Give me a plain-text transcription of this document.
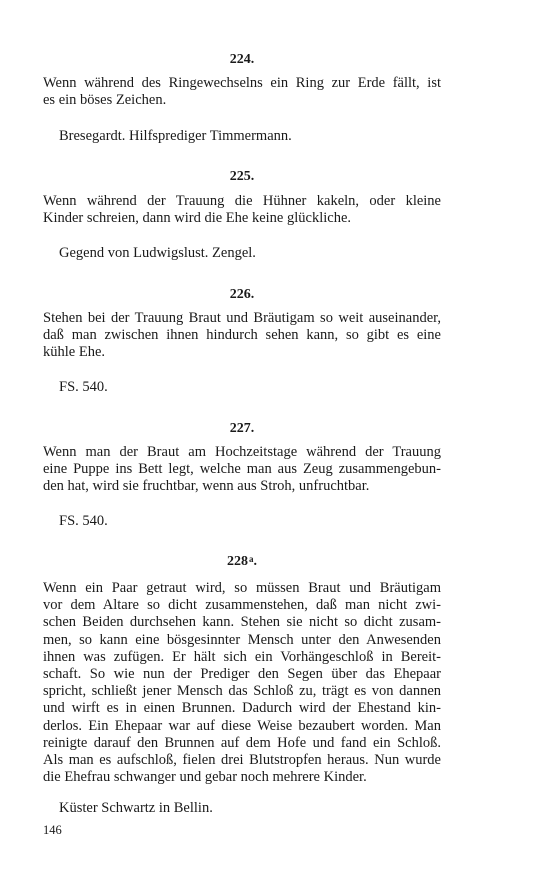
224.
Wenn während des Ringewechselns ein Ring zur Erde fällt, ist
es ein böses Zeichen.
Bresegardt. Hilfsprediger Timmermann.
225.
Wenn während der Trauung die Hühner kakeln, oder kleine
Kinder schreien, dann wird die Ehe keine glückliche.
Gegend von Ludwigslust. Zengel.
226.
Stehen bei der Trauung Braut und Bräutigam so weit auseinander,
daß man zwischen ihnen hindurch sehen kann, so gibt es eine
kühle Ehe.
FS. 540.
227.
Wenn man der Braut am Hochzeitstage während der Trauung
eine Puppe ins Bett legt, welche man aus Zeug zusammengebun-
den hat, wird sie fruchtbar, wenn aus Stroh, unfruchtbar.
FS. 540.
228$^a$.
Wenn ein Paar getraut wird, so müssen Braut und Bräutigam
vor dem Altare so dicht zusammenstehen, daß man nicht zwi-
schen Beiden durchsehen kann. Stehen sie nicht so dicht zusam-
men, so kann eine bösgesinnter Mensch unter den Anwesenden
ihnen was zufügen. Er hält sich ein Vorhängeschloß in Bereit-
schaft. So wie nun der Prediger den Segen über das Ehepaar
spricht, schließt jener Mensch das Schloß zu, trägt es von dannen
und wirft es in einen Brunnen. Dadurch wird der Ehestand kin-
derlos. Ein Ehepaar war auf diese Weise bezaubert worden. Man
reinigte darauf den Brunnen auf dem Hofe und fand ein Schloß.
Als man es aufschloß, fielen drei Blutstropfen heraus. Nun wurde
die Ehefrau schwanger und gebar noch mehrere Kinder.
Küster Schwartz in Bellin.
146
